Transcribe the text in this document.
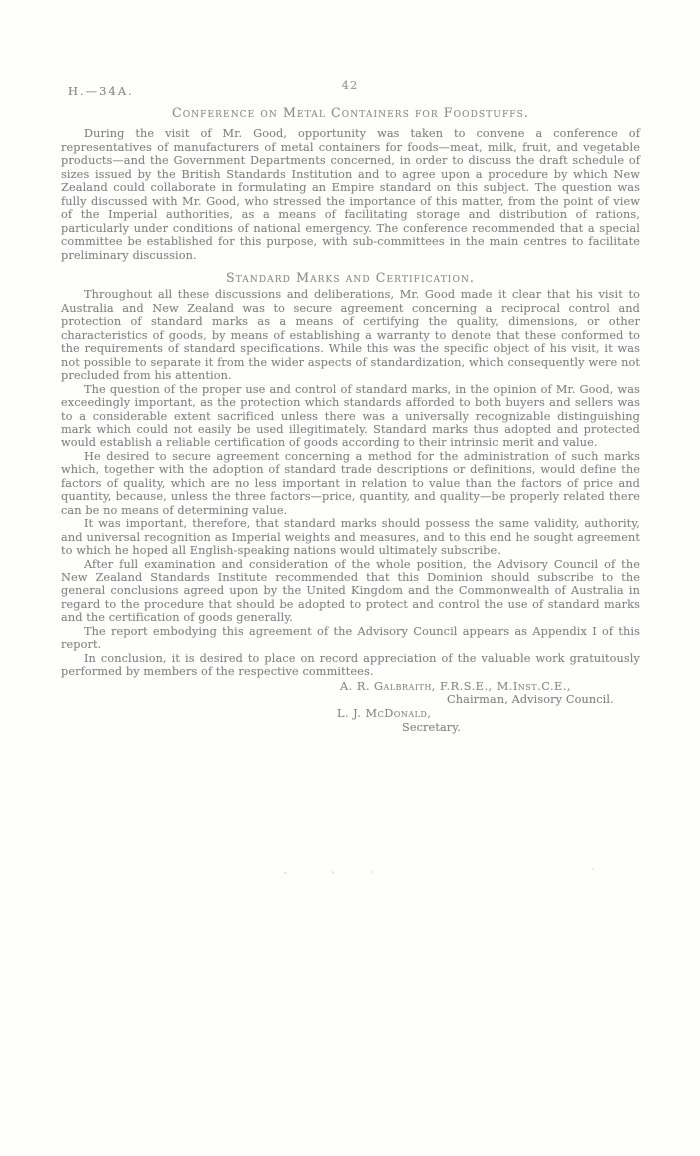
H.—34A.	42
Conference on Metal Containers for Foodstuffs.

During the visit of Mr. Good, opportunity was taken to convene a conference of representatives of manufacturers of metal containers for foods—meat, milk, fruit, and vegetable products—and the Government Departments concerned, in order to discuss the draft schedule of sizes issued by the British Standards Institution and to agree upon a procedure by which New Zealand could collaborate in formulating an Empire standard on this subject. The question was fully discussed with Mr. Good, who stressed the importance of this matter, from the point of view of the Imperial authorities, as a means of facilitating storage and distribution of rations, particularly under conditions of national emergency. The conference recommended that a special committee be established for this purpose, with sub-committees in the main centres to facilitate preliminary discussion.

Standard Marks and Certification.

Throughout all these discussions and deliberations, Mr. Good made it clear that his visit to Australia and New Zealand was to secure agreement concerning a reciprocal control and protection of standard marks as a means of certifying the quality, dimensions, or other characteristics of goods, by means of establishing a warranty to denote that these conformed to the requirements of standard specifications. While this was the specific object of his visit, it was not possible to separate it from the wider aspects of standardization, which consequently were not precluded from his attention.

The question of the proper use and control of standard marks, in the opinion of Mr. Good, was exceedingly important, as the protection which standards afforded to both buyers and sellers was to a considerable extent sacrificed unless there was a universally recognizable distinguishing mark which could not easily be used illegitimately. Standard marks thus adopted and protected would establish a reliable certification of goods according to their intrinsic merit and value.

He desired to secure agreement concerning a method for the administration of such marks which, together with the adoption of standard trade descriptions or definitions, would define the factors of quality, which are no less important in relation to value than the factors of price and quantity, because, unless the three factors—price, quantity, and quality—be properly related there can be no means of determining value.

It was important, therefore, that standard marks should possess the same validity, authority, and universal recognition as Imperial weights and measures, and to this end he sought agreement to which he hoped all English-speaking nations would ultimately subscribe.

After full examination and consideration of the whole position, the Advisory Council of the New Zealand Standards Institute recommended that this Dominion should subscribe to the general conclusions agreed upon by the United Kingdom and the Commonwealth of Australia in regard to the procedure that should be adopted to protect and control the use of standard marks and the certification of goods generally.

The report embodying this agreement of the Advisory Council appears as Appendix I of this report.

In conclusion, it is desired to place on record appreciation of the valuable work gratuitously performed by members of the respective committees.

A. R. Galbraith, F.R.S.E., M.Inst.C.E.,
Chairman, Advisory Council.
L. J. McDonald,
Secretary.
